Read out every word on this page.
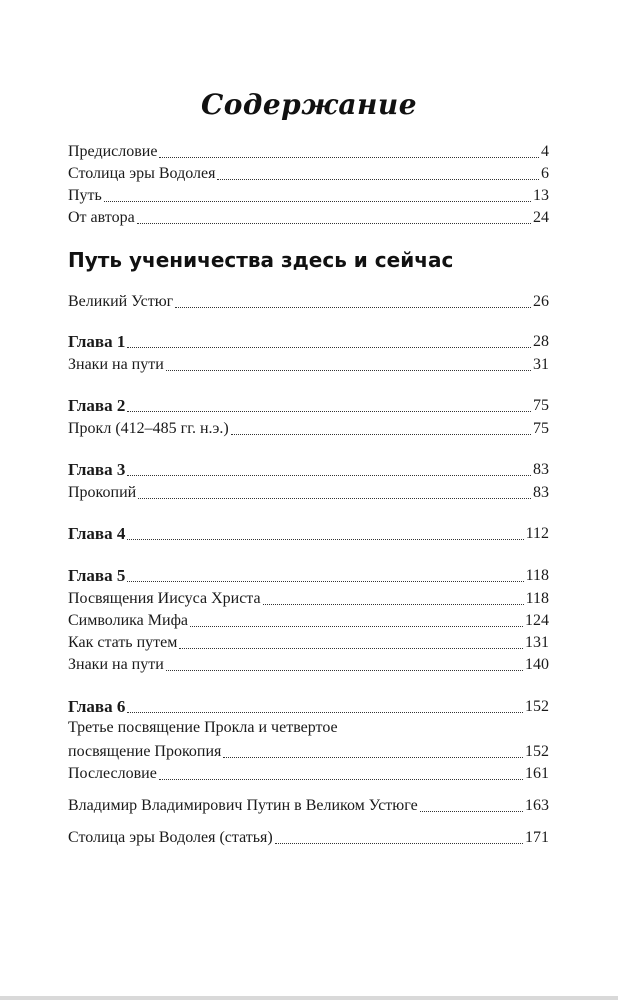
Содержание
Предисловие	4
Столица эры Водолея	6
Путь	13
От автора	24
Великий Устюг	26
Глава 1	28
Знаки на пути	31
Глава 2	75
Прокл (412–485 гг. н.э.)	75
Глава 3	83
Прокопий	83
Глава 4	112
Глава 5	118
Посвящения Иисуса Христа	118
Символика Мифа	124
Как стать путем	131
Знаки на пути	140
Глава 6	152
Третье посвящение Прокла и четвертое
посвящение Прокопия	152
Послесловие	161
Владимир Владимирович Путин в Великом Устюге	163
Столица эры Водолея (статья)	171
Путь ученичества здесь и сейчас
